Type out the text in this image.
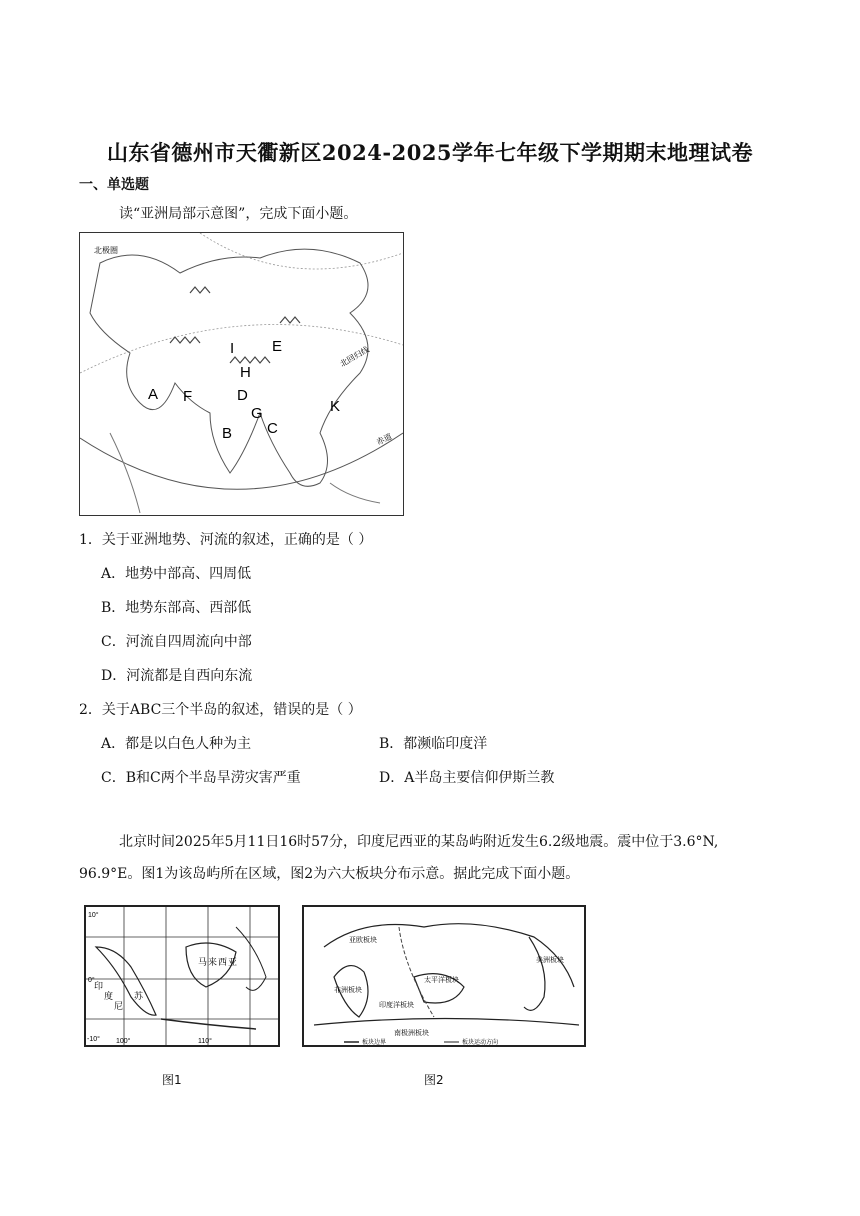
山东省德州市天衢新区2024-2025学年七年级下学期期末地理试卷
一、单选题
读“亚洲局部示意图”，完成下面小题。
A F
I	E
H
D
G
B C
K
北回归线
赤道
北极圈
1．关于亚洲地势、河流的叙述，正确的是（ ）
A．地势中部高、四周低
B．地势东部高、西部低
C．河流自四周流向中部
D．河流都是自西向东流
2．关于ABC三个半岛的叙述，错误的是（ ）
A．都是以白色人种为主	B．都濒临印度洋
C．B和C两个半岛旱涝灾害严重	D．A半岛主要信仰伊斯兰教
北京时间2025年5月11日16时57分，印度尼西亚的某岛屿附近发生6.2级地震。震中位于3.6°N,
96.9°E。图1为该岛屿所在区域，图2为六大板块分布示意。据此完成下面小题。
10°
0°
-10° 100°	110°
马 来 西 亚
印
度
尼
苏
图1
亚欧板块
非洲板块
印度洋板块
太平洋板块
美洲板块
南极洲板块
板块边界	板块运动方向
图2
